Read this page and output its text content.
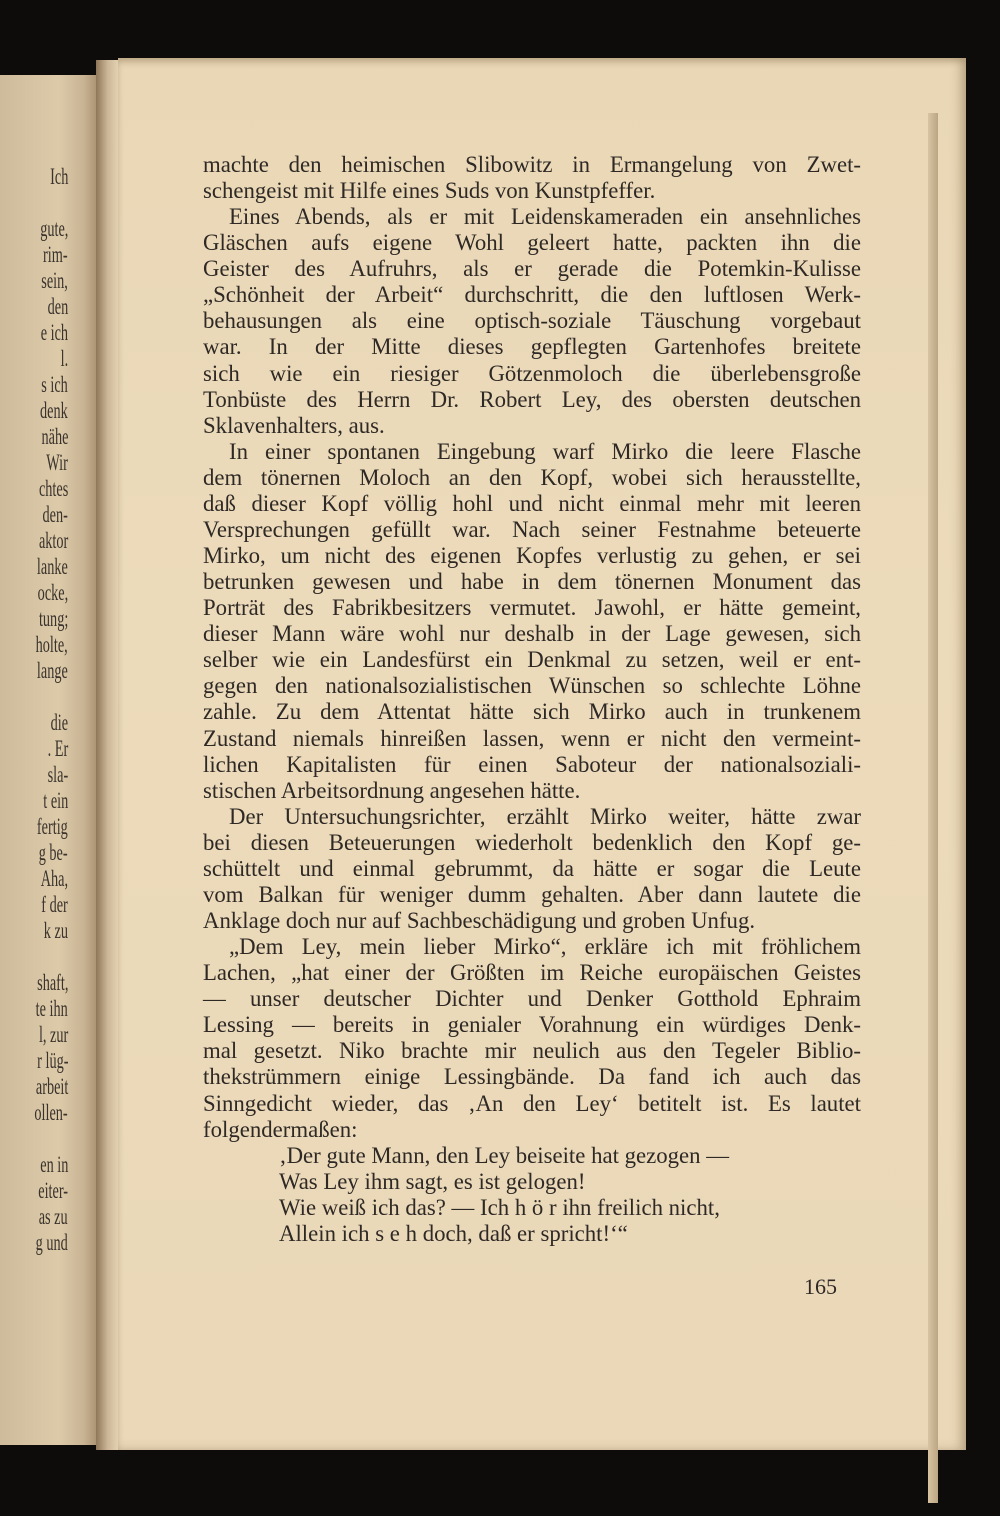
Ich
gute,
rim-
sein,
den
e ich
l.
s ich
denk
nähe
Wir
chtes
den-
aktor
lanke
ocke,
tung;
holte,
lange
die
. Er
sla-
t ein
fertig
g be-
Aha,
f der
k zu
shaft,
te ihn
l, zur
r lüg-
arbeit
ollen-
en in
eiter-
as zu
g und
machte den heimischen Slibowitz in Ermangelung von Zwet-
schengeist mit Hilfe eines Suds von Kunstpfeffer.
Eines Abends, als er mit Leidenskameraden ein ansehnliches
Gläschen aufs eigene Wohl geleert hatte, packten ihn die
Geister des Aufruhrs, als er gerade die Potemkin-Kulisse
„Schönheit der Arbeit“ durchschritt, die den luftlosen Werk-
behausungen als eine optisch-soziale Täuschung vorgebaut
war. In der Mitte dieses gepflegten Gartenhofes breitete
sich wie ein riesiger Götzenmoloch die überlebensgroße
Tonbüste des Herrn Dr. Robert Ley, des obersten deutschen
Sklavenhalters, aus.
In einer spontanen Eingebung warf Mirko die leere Flasche
dem tönernen Moloch an den Kopf, wobei sich herausstellte,
daß dieser Kopf völlig hohl und nicht einmal mehr mit leeren
Versprechungen gefüllt war. Nach seiner Festnahme beteuerte
Mirko, um nicht des eigenen Kopfes verlustig zu gehen, er sei
betrunken gewesen und habe in dem tönernen Monument das
Porträt des Fabrikbesitzers vermutet. Jawohl, er hätte gemeint,
dieser Mann wäre wohl nur deshalb in der Lage gewesen, sich
selber wie ein Landesfürst ein Denkmal zu setzen, weil er ent-
gegen den nationalsozialistischen Wünschen so schlechte Löhne
zahle. Zu dem Attentat hätte sich Mirko auch in trunkenem
Zustand niemals hinreißen lassen, wenn er nicht den vermeint-
lichen Kapitalisten für einen Saboteur der nationalsoziali-
stischen Arbeitsordnung angesehen hätte.
Der Untersuchungsrichter, erzählt Mirko weiter, hätte zwar
bei diesen Beteuerungen wiederholt bedenklich den Kopf ge-
schüttelt und einmal gebrummt, da hätte er sogar die Leute
vom Balkan für weniger dumm gehalten. Aber dann lautete die
Anklage doch nur auf Sachbeschädigung und groben Unfug.
„Dem Ley, mein lieber Mirko“, erkläre ich mit fröhlichem
Lachen, „hat einer der Größten im Reiche europäischen Geistes
— unser deutscher Dichter und Denker Gotthold Ephraim
Lessing — bereits in genialer Vorahnung ein würdiges Denk-
mal gesetzt. Niko brachte mir neulich aus den Tegeler Biblio-
thekstrümmern einige Lessingbände. Da fand ich auch das
Sinngedicht wieder, das ‚An den Ley‘ betitelt ist. Es lautet
folgendermaßen:
‚Der gute Mann, den Ley beiseite hat gezogen —
Was Ley ihm sagt, es ist gelogen!
Wie weiß ich das? — Ich h ö r ihn freilich nicht,
Allein ich s e h doch, daß er spricht!‘“
165
